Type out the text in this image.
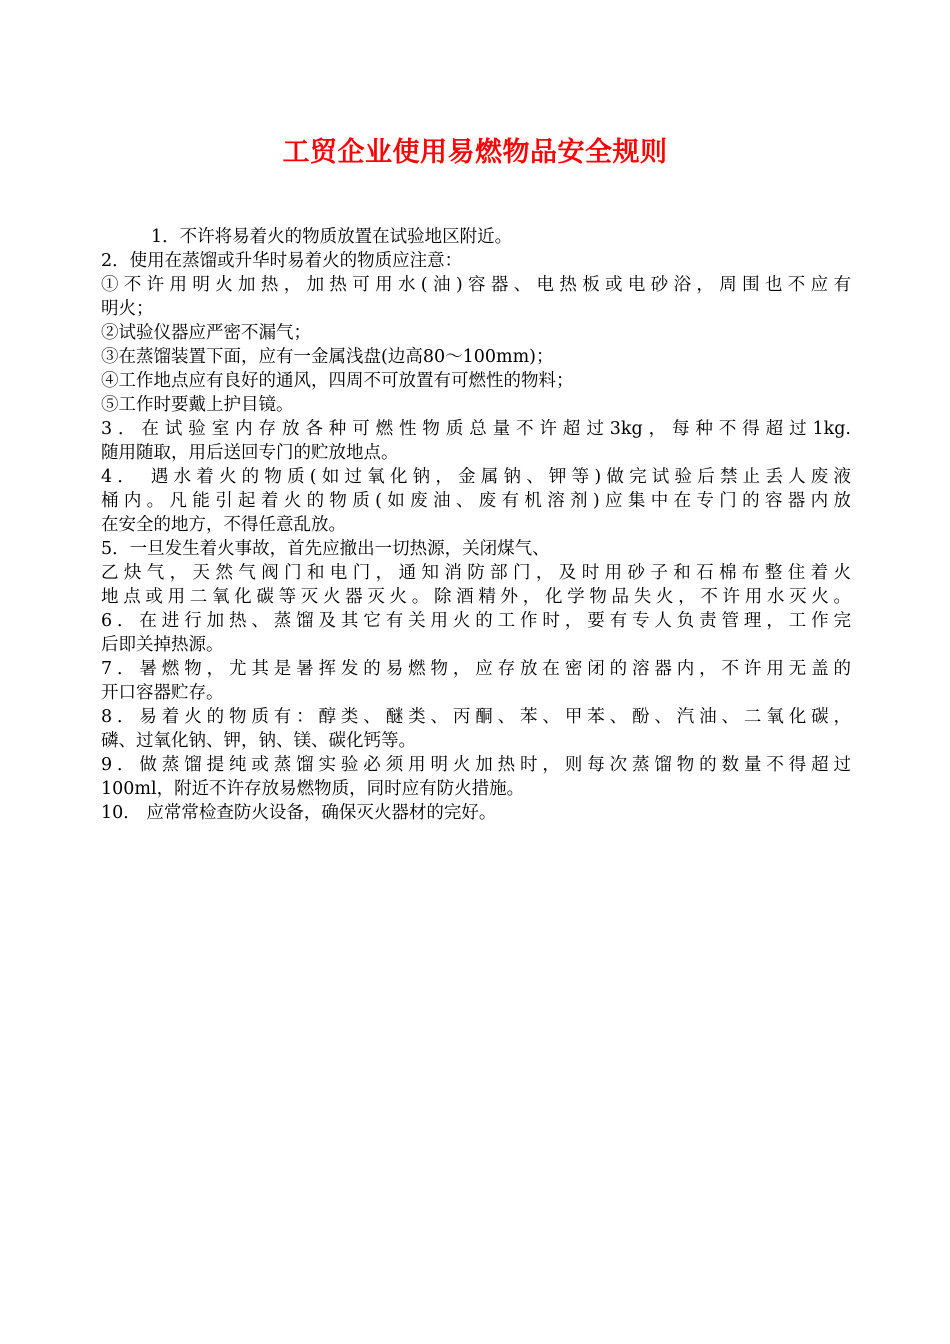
工贸企业使用易燃物品安全规则
1．不许将易着火的物质放置在试验地区附近。
2．使用在蒸馏或升华时易着火的物质应注意：
①不许用明火加热，加热可用水(油)容器、电热板或电砂浴，周围也不应有
明火；
②试验仪器应严密不漏气；
③在蒸馏装置下面，应有一金属浅盘(边高80～100mm)；
④工作地点应有良好的通风，四周不可放置有可燃性的物料；
⑤工作时要戴上护目镜。
3．在试验室内存放各种可燃性物质总量不许超过3kg，每种不得超过1kg.
随用随取，用后送回专门的贮放地点。
4． 遇水着火的物质(如过氧化钠，金属钠、钾等)做完试验后禁止丢人废液
桶内。凡能引起着火的物质(如废油、废有机溶剂)应集中在专门的容器内放
在安全的地方，不得任意乱放。
5．一旦发生着火事故，首先应撤出一切热源，关闭煤气、
乙炔气，天然气阀门和电门，通知消防部门，及时用砂子和石棉布整住着火
地点或用二氧化碳等灭火器灭火。除酒精外，化学物品失火，不许用水灭火。
6．在进行加热、蒸馏及其它有关用火的工作时，要有专人负责管理，工作完
后即关掉热源。
7．暑燃物，尤其是暑挥发的易燃物，应存放在密闭的溶器内，不许用无盖的
开口容器贮存。
8．易着火的物质有：醇类、醚类、丙酮、苯、甲苯、酚、汽油、二氧化碳，
磷、过氧化钠、钾，钠、镁、碳化钙等。
9．做蒸馏提纯或蒸馏实验必须用明火加热时，则每次蒸馏物的数量不得超过
100ml，附近不许存放易燃物质，同时应有防火措施。
10． 应常常检查防火设备，确保灭火器材的完好。
